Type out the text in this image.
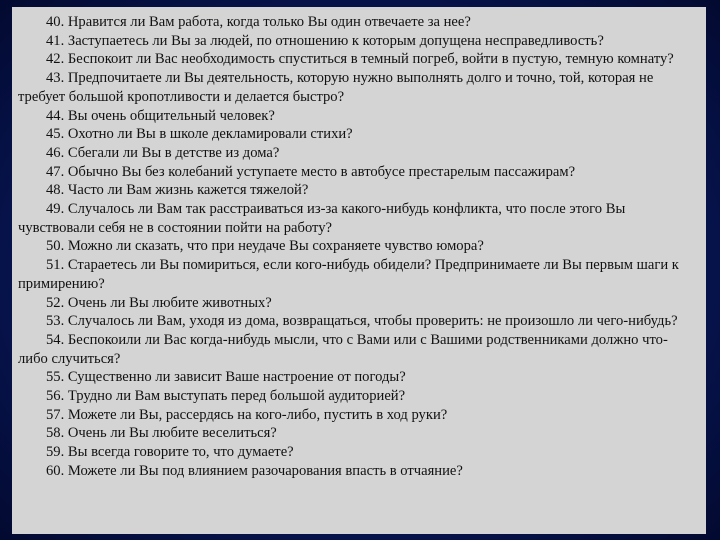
40. Нравится ли Вам работа, когда только Вы один отвечаете за нее?

41. Заступаетесь ли Вы за людей, по отношению к которым допущена несправедливость?

42. Беспокоит ли Вас необходимость спуститься в темный погреб, войти в пустую, темную комнату?

43. Предпочитаете ли Вы деятельность, которую нужно выполнять долго и точно, той, которая не требует большой кропотливости и делается быстро?

44. Вы очень общительный человек?

45. Охотно ли Вы в школе декламировали стихи?

46. Сбегали ли Вы в детстве из дома?

47. Обычно Вы без колебаний уступаете место в автобусе престарелым пассажирам?

48. Часто ли Вам жизнь кажется тяжелой?

49. Случалось ли Вам так расстраиваться из-за какого-нибудь конфликта, что после этого Вы чувствовали себя не в состоянии пойти на работу?

50. Можно ли сказать, что при неудаче Вы сохраняете чувство юмора?

51. Стараетесь ли Вы помириться, если кого-нибудь обидели? Предпринимаете ли Вы первым шаги к примирению?

52. Очень ли Вы любите животных?

53. Случалось ли Вам, уходя из дома, возвращаться, чтобы проверить: не произошло ли чего-нибудь?

54. Беспокоили ли Вас когда-нибудь мысли, что с Вами или с Вашими родственниками должно что-либо случиться?

55. Существенно ли зависит Ваше настроение от погоды?

56. Трудно ли Вам выступать перед большой аудиторией?

57. Можете ли Вы, рассердясь на кого-либо, пустить в ход руки?

58. Очень ли Вы любите веселиться?

59. Вы всегда говорите то, что думаете?

60. Можете ли Вы под влиянием разочарования впасть в отчаяние?
